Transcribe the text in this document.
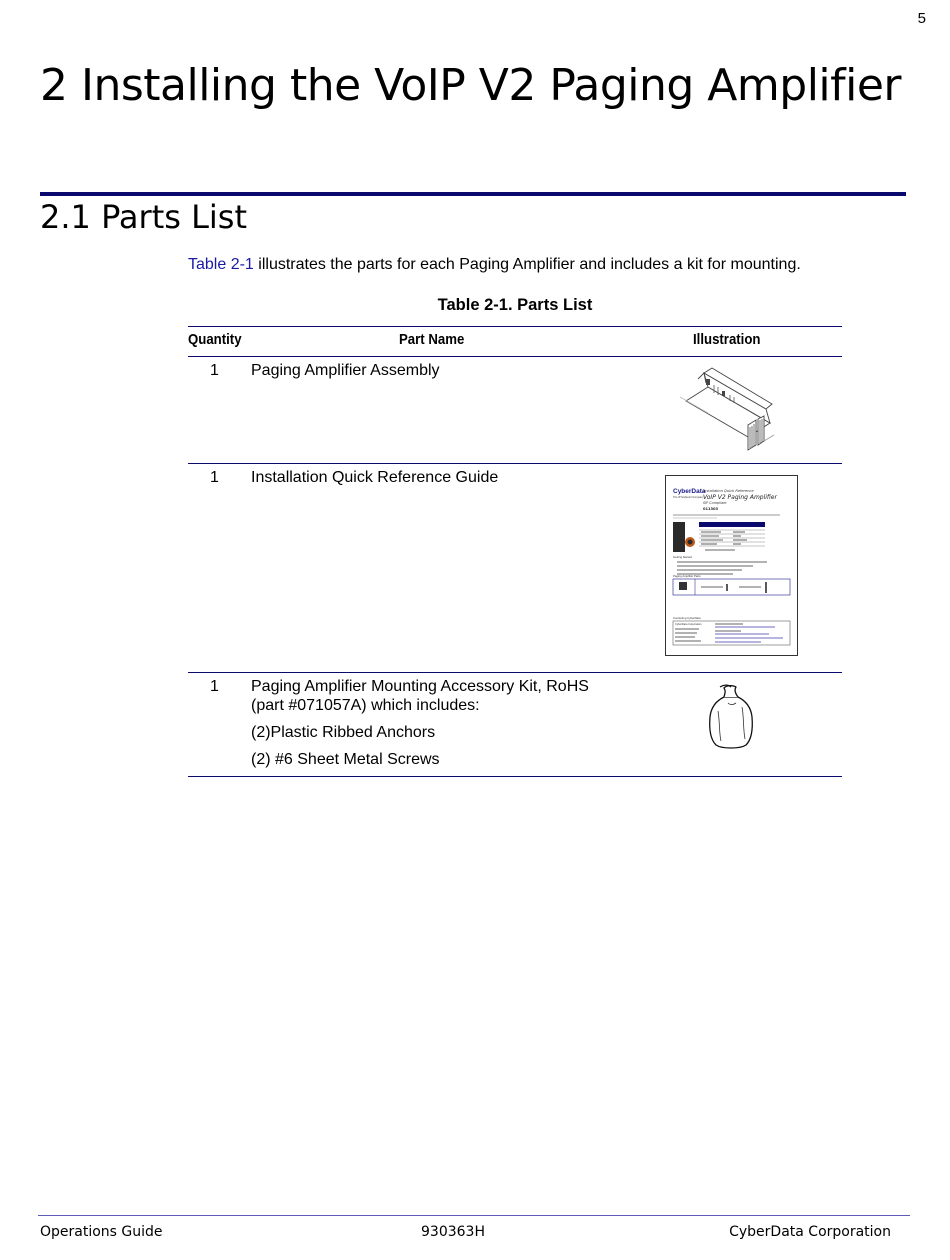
5
2 Installing the VoIP V2 Paging Amplifier
2.1 Parts List
Table 2-1 illustrates the parts for each Paging Amplifier and includes a kit for mounting.
Table 2-1. Parts List
Quantity	Part Name	Illustration
1 Paging Amplifier Assembly

1 Installation Quick Reference Guide

CyberData
The IP Endpoint Company
Installation Quick Reference
VoIP V2 Paging Amplifier
SIP Compliant
011303
Getting Started
Paging Amplifier Parts
Contacting CyberData
CyberData Corporation
1 Paging Amplifier Mounting Accessory Kit, RoHS (part #071057A) which includes:

(2)Plastic Ribbed Anchors

(2) #6 Sheet Metal Screws

Operations Guide	930363H	CyberData Corporation
